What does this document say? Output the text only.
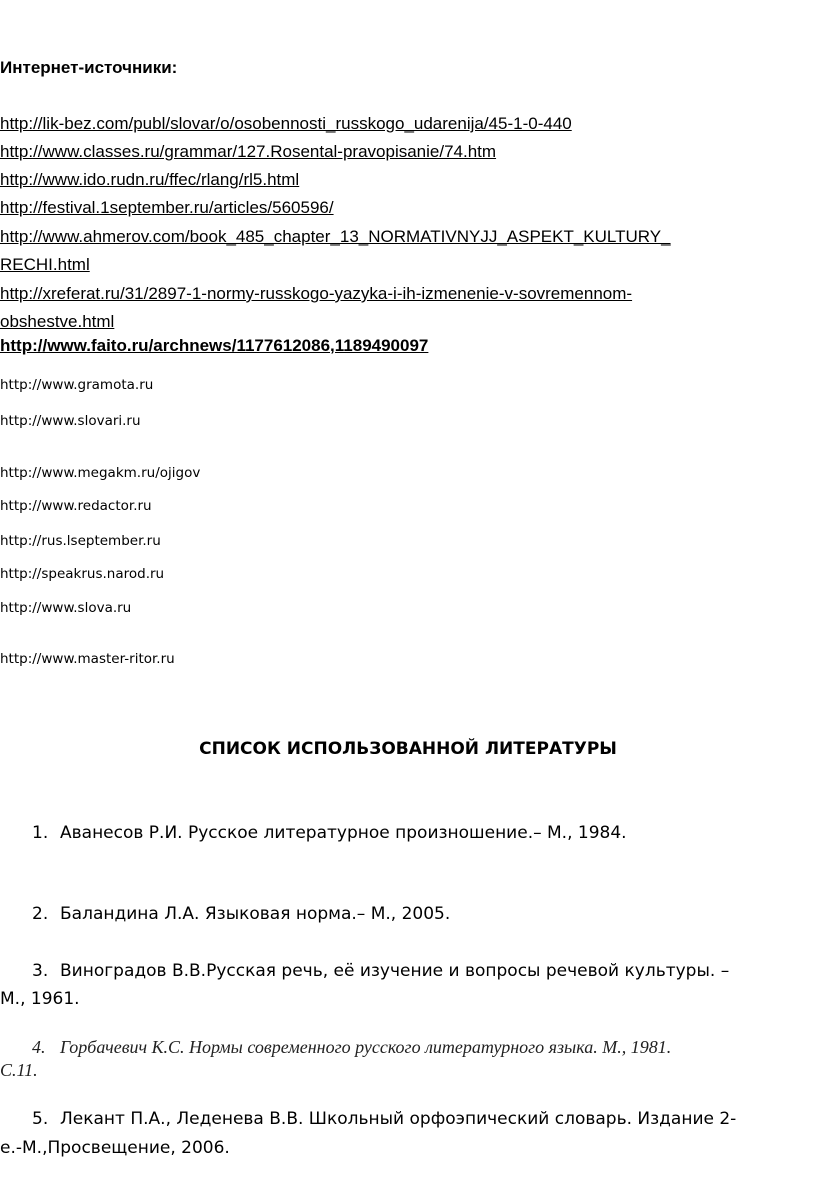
Интернет-источники:
http://lik-bez.com/publ/slovar/o/osobennosti_russkogo_udarenija/45-1-0-440
http://www.classes.ru/grammar/127.Rosental-pravopisanie/74.htm
http://www.ido.rudn.ru/ffec/rlang/rl5.html
http://festival.1september.ru/articles/560596/
http://www.ahmerov.com/book_485_chapter_13_NORMATIVNYJJ_ASPEKT_KULTURY_
RECHI.html
http://xreferat.ru/31/2897-1-normy-russkogo-yazyka-i-ih-izmenenie-v-sovremennom-
obshestve.html
http://www.faito.ru/archnews/1177612086,1189490097
http://www.gramota.ru
http://www.slovari.ru
http://www.megakm.ru/ojigov
http://www.redactor.ru
http://rus.lseptember.ru
http://speakrus.narod.ru
http://www.slova.ru
http://www.master-ritor.ru
СПИСОК ИСПОЛЬЗОВАННОЙ ЛИТЕРАТУРЫ
1. Аванесов Р.И. Русское литературное произношение.– М., 1984.
2. Баландина Л.А. Языковая норма.– М., 2005.
3. Виноградов В.В.Русская речь, её изучение и вопросы речевой культуры. –
М., 1961.
4. Горбачевич К.С. Нормы современного русского литературного языка. М., 1981.
С.11.
5. Лекант П.А., Леденева В.В. Школьный орфоэпический словарь. Издание 2-
е.-М.,Просвещение, 2006.
